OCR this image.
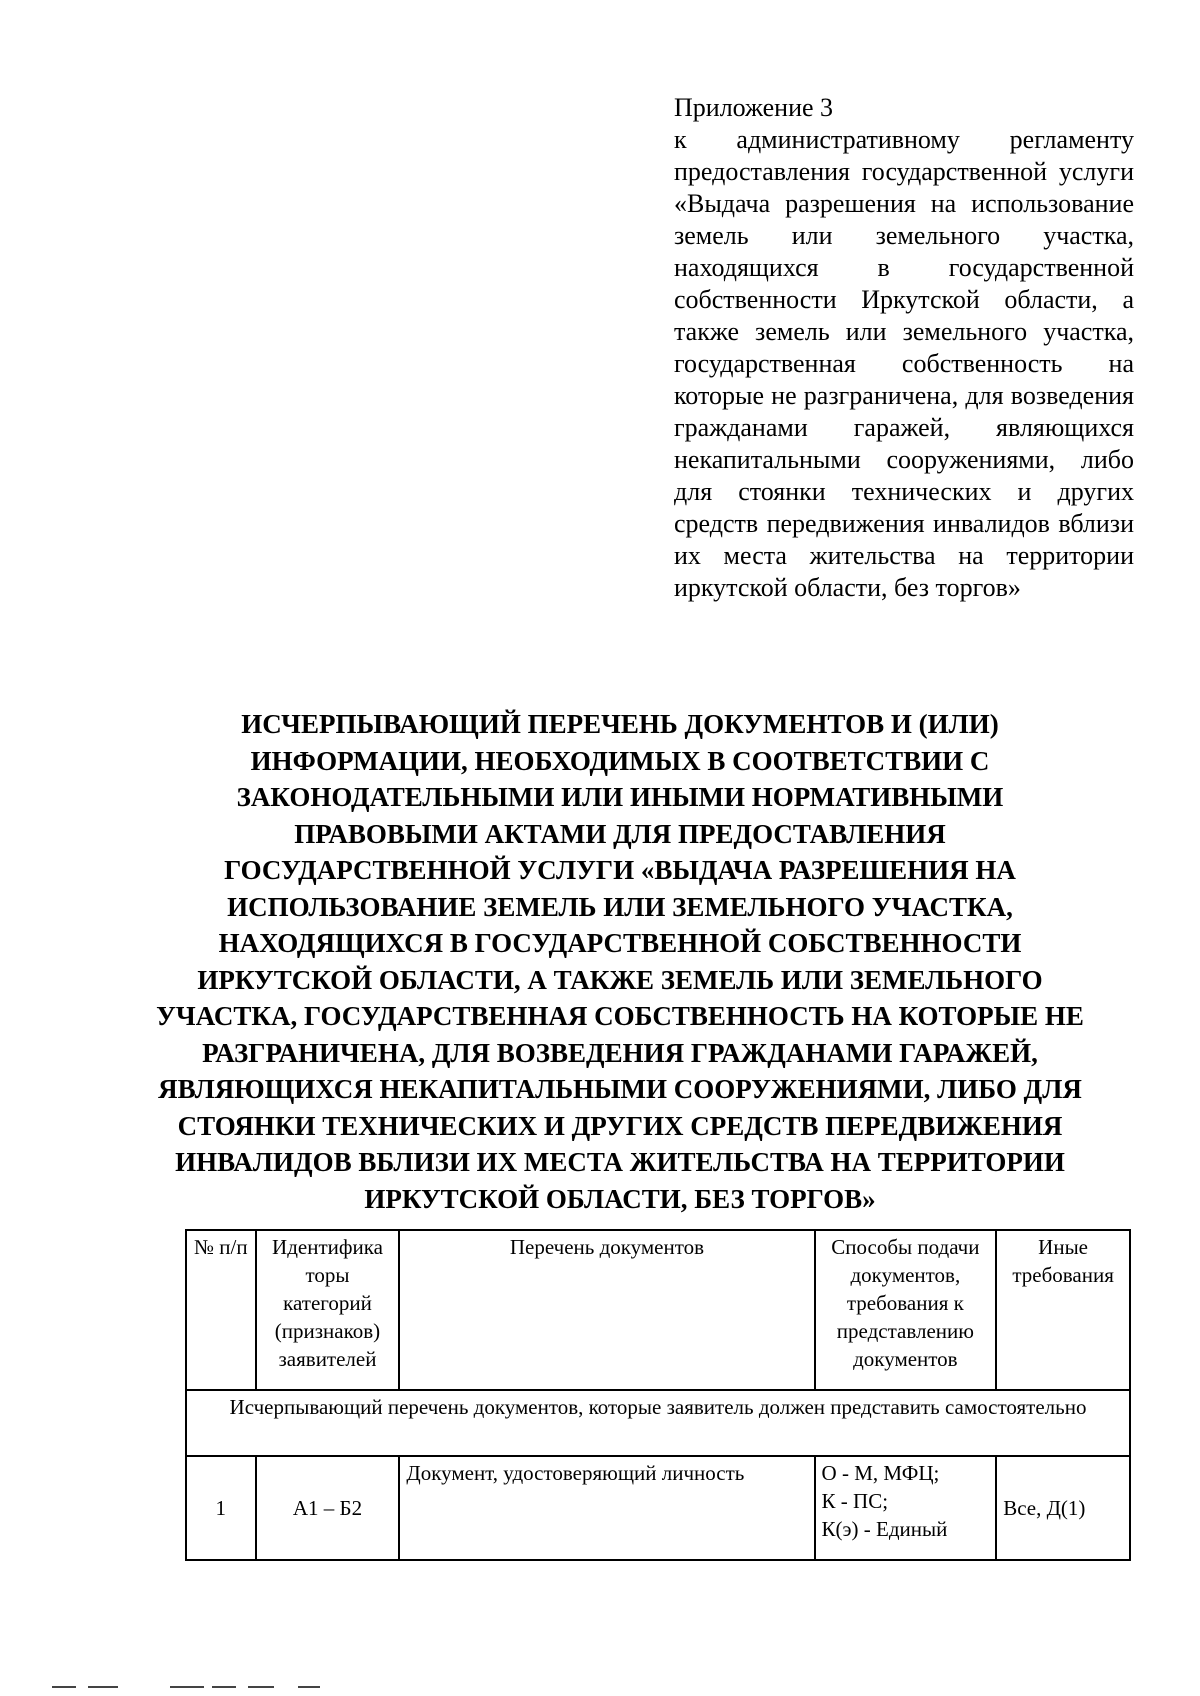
Приложение 3
к административному регламенту предоставления государственной услуги «Выдача разрешения на использование земель или земельного участка, находящихся в государственной собственности Иркутской области, а также земель или земельного участка, государственная собственность на которые не разграничена, для возведения гражданами гаражей, являющихся некапитальными сооружениями, либо для стоянки технических и других средств передвижения инвалидов вблизи их места жительства на территории иркутской области, без торгов»
ИСЧЕРПЫВАЮЩИЙ ПЕРЕЧЕНЬ ДОКУМЕНТОВ И (ИЛИ) ИНФОРМАЦИИ, НЕОБХОДИМЫХ В СООТВЕТСТВИИ С ЗАКОНОДАТЕЛЬНЫМИ ИЛИ ИНЫМИ НОРМАТИВНЫМИ ПРАВОВЫМИ АКТАМИ ДЛЯ ПРЕДОСТАВЛЕНИЯ ГОСУДАРСТВЕННОЙ УСЛУГИ «ВЫДАЧА РАЗРЕШЕНИЯ НА ИСПОЛЬЗОВАНИЕ ЗЕМЕЛЬ ИЛИ ЗЕМЕЛЬНОГО УЧАСТКА, НАХОДЯЩИХСЯ В ГОСУДАРСТВЕННОЙ СОБСТВЕННОСТИ ИРКУТСКОЙ ОБЛАСТИ, А ТАКЖЕ ЗЕМЕЛЬ ИЛИ ЗЕМЕЛЬНОГО УЧАСТКА, ГОСУДАРСТВЕННАЯ СОБСТВЕННОСТЬ НА КОТОРЫЕ НЕ РАЗГРАНИЧЕНА, ДЛЯ ВОЗВЕДЕНИЯ ГРАЖДАНАМИ ГАРАЖЕЙ, ЯВЛЯЮЩИХСЯ НЕКАПИТАЛЬНЫМИ СООРУЖЕНИЯМИ, ЛИБО ДЛЯ СТОЯНКИ ТЕХНИЧЕСКИХ И ДРУГИХ СРЕДСТВ ПЕРЕДВИЖЕНИЯ ИНВАЛИДОВ ВБЛИЗИ ИХ МЕСТА ЖИТЕЛЬСТВА НА ТЕРРИТОРИИ ИРКУТСКОЙ ОБЛАСТИ, БЕЗ ТОРГОВ»
№ п/п	Идентифика торы категорий (признаков) заявителей	Перечень документов	Способы подачи документов, требования к представлению документов	Иные требования
Исчерпывающий перечень документов, которые заявитель должен представить самостоятельно				
1	А1 – Б2	Документ, удостоверяющий личность	О - М, МФЦ;
К - ПС;
К(э) - Единый	Все, Д(1)
